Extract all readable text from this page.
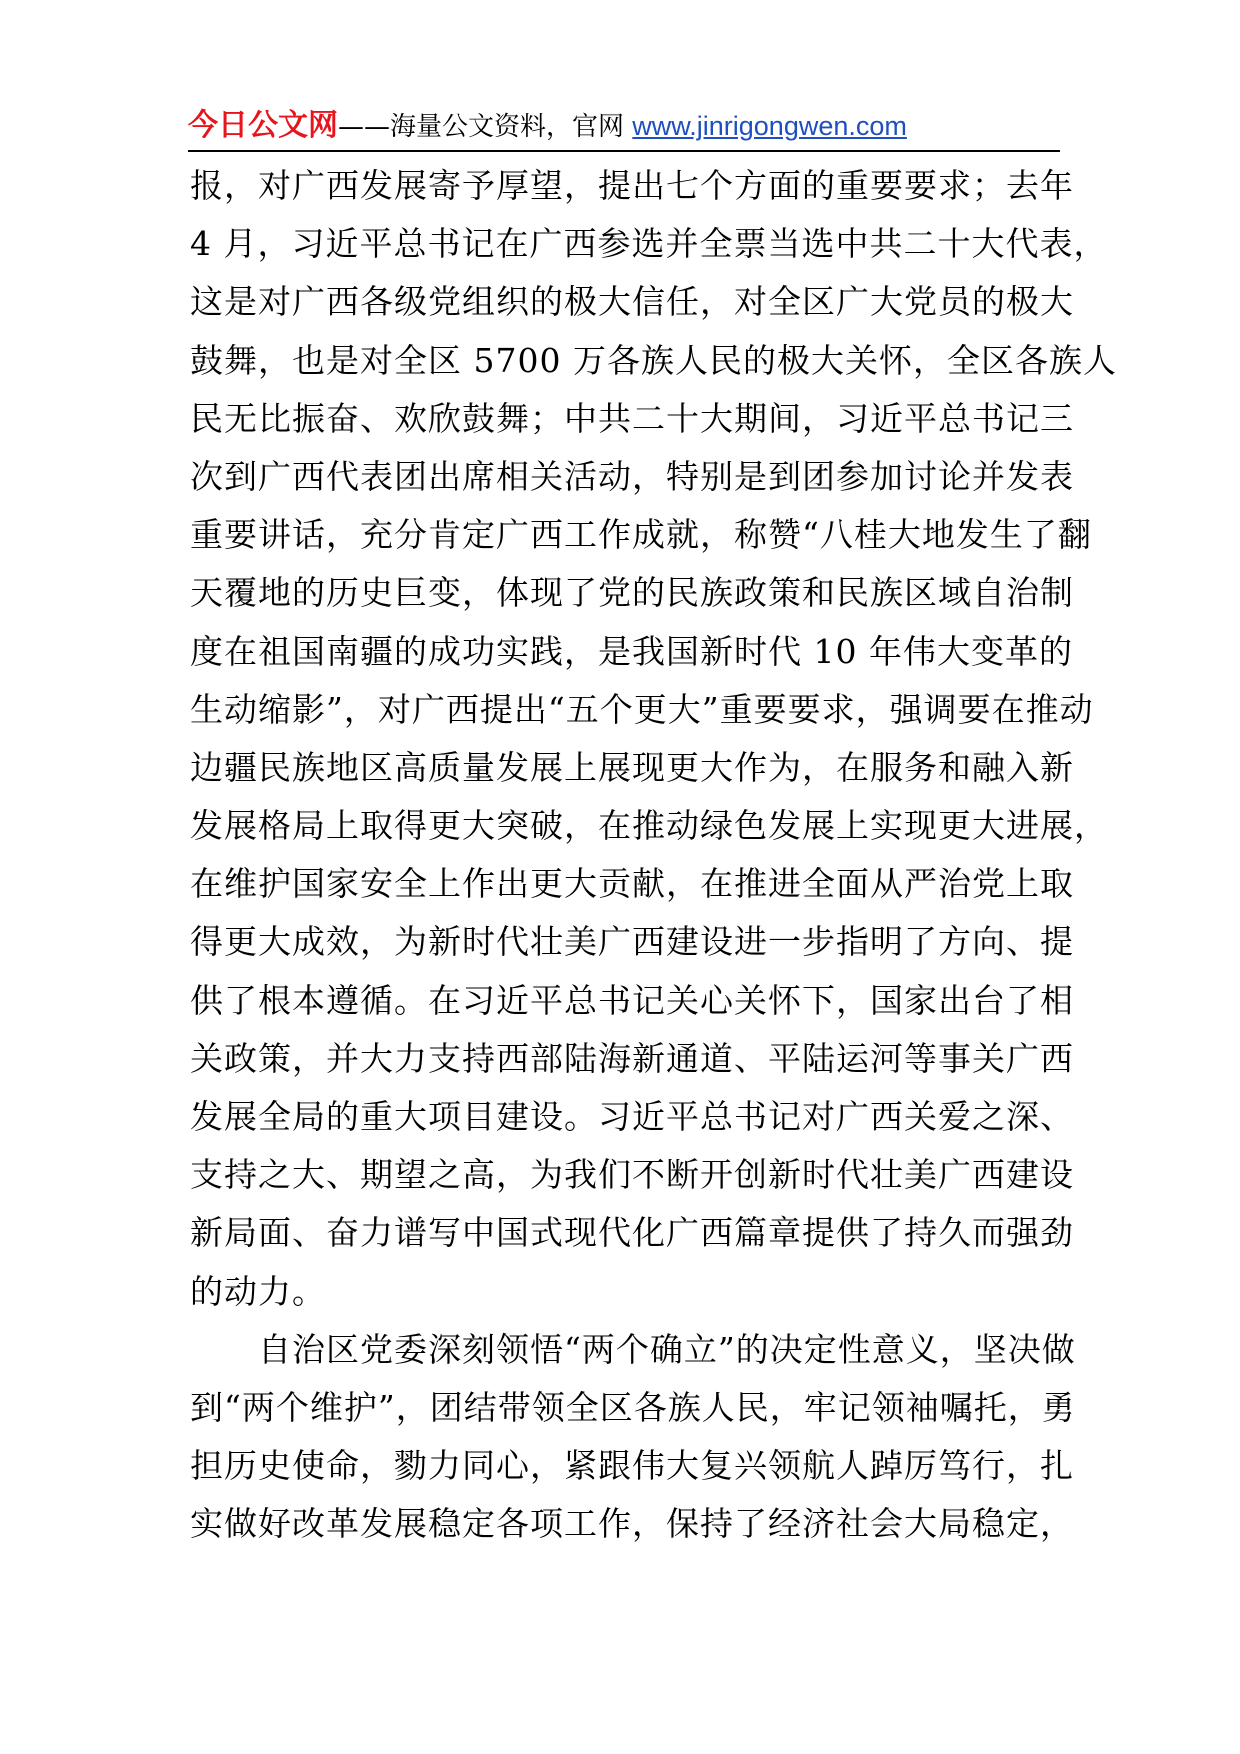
今日公文网——海量公文资料，官网 www.jinrigongwen.com
报，对广西发展寄予厚望，提出七个方面的重要要求；去年
4 月，习近平总书记在广西参选并全票当选中共二十大代表，
这是对广西各级党组织的极大信任，对全区广大党员的极大
鼓舞，也是对全区 5700 万各族人民的极大关怀，全区各族人
民无比振奋、欢欣鼓舞；中共二十大期间，习近平总书记三
次到广西代表团出席相关活动，特别是到团参加讨论并发表
重要讲话，充分肯定广西工作成就，称赞“八桂大地发生了翻
天覆地的历史巨变，体现了党的民族政策和民族区域自治制
度在祖国南疆的成功实践，是我国新时代 10 年伟大变革的
生动缩影”，对广西提出“五个更大”重要要求，强调要在推动
边疆民族地区高质量发展上展现更大作为，在服务和融入新
发展格局上取得更大突破，在推动绿色发展上实现更大进展，
在维护国家安全上作出更大贡献，在推进全面从严治党上取
得更大成效，为新时代壮美广西建设进一步指明了方向、提
供了根本遵循。在习近平总书记关心关怀下，国家出台了相
关政策，并大力支持西部陆海新通道、平陆运河等事关广西
发展全局的重大项目建设。习近平总书记对广西关爱之深、
支持之大、期望之高，为我们不断开创新时代壮美广西建设
新局面、奋力谱写中国式现代化广西篇章提供了持久而强劲
的动力。
自治区党委深刻领悟“两个确立”的决定性意义，坚决做
到“两个维护”，团结带领全区各族人民，牢记领袖嘱托，勇
担历史使命，勠力同心，紧跟伟大复兴领航人踔厉笃行，扎
实做好改革发展稳定各项工作，保持了经济社会大局稳定，
